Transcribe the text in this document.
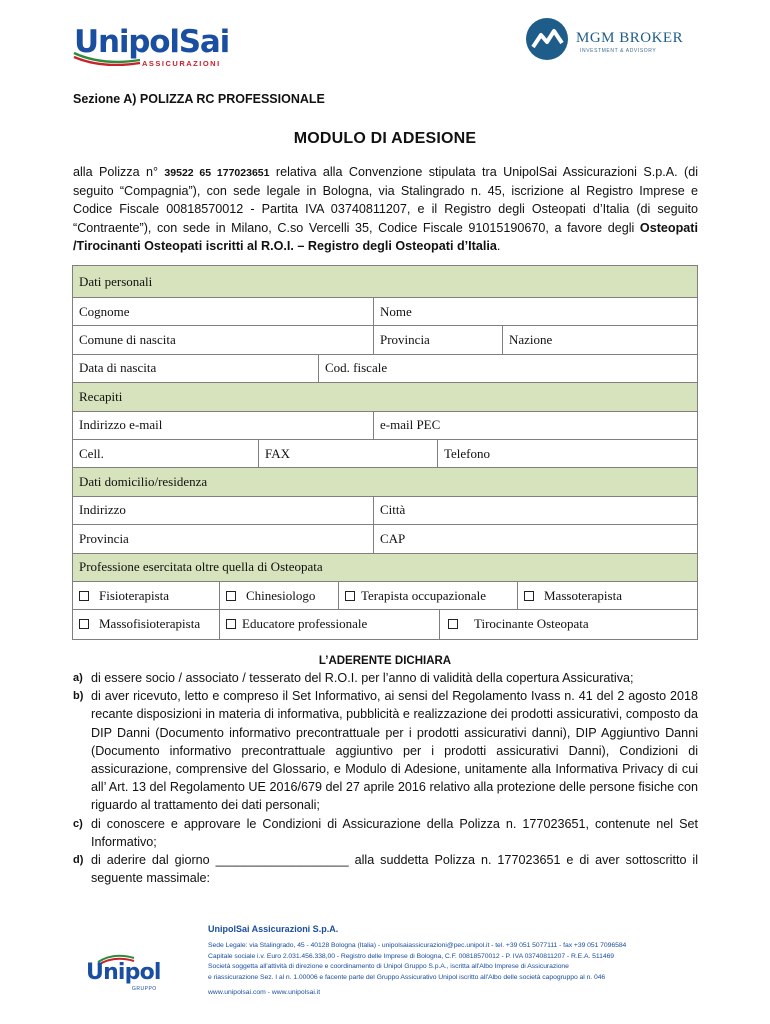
UnipolSai
ASSICURAZIONI
MGM BROKER
INVESTMENT & ADVISORY
Sezione A) POLIZZA RC PROFESSIONALE
MODULO DI ADESIONE

alla Polizza n° 39522 65 177023651 relativa alla Convenzione stipulata tra UnipolSai Assicurazioni S.p.A. (di seguito “Compagnia”), con sede legale in Bologna, via Stalingrado n. 45, iscrizione al Registro Imprese e Codice Fiscale 00818570012 - Partita IVA 03740811207, e il Registro degli Osteopati d’Italia (di seguito “Contraente”), con sede in Milano, C.so Vercelli 35, Codice Fiscale 91015190670, a favore degli Osteopati /Tirocinanti Osteopati iscritti al R.O.I. – Registro degli Osteopati d’Italia.

Dati personali
Cognome	Nome
Comune di nascita	Provincia	Nazione
Data di nascita	Cod. fiscale
Recapiti
Indirizzo e-mail	e-mail PEC
Cell.	FAX	Telefono
Dati domicilio/residenza
Indirizzo	Città
Provincia	CAP
Professione esercitata oltre quella di Osteopata
Fisioterapista	Chinesiologo	Terapista occupazionale	Massoterapista
Massofisioterapista	Educatore professionale	Tirocinante Osteopata
L’ADERENTE DICHIARA
a) di essere socio / associato / tesserato del R.O.I. per l’anno di validità della copertura Assicurativa;
b) di aver ricevuto, letto e compreso il Set Informativo, ai sensi del Regolamento Ivass n. 41 del 2 agosto 2018 recante disposizioni in materia di informativa, pubblicità e realizzazione dei prodotti assicurativi, composto da DIP Danni (Documento informativo precontrattuale per i prodotti assicurativi danni), DIP Aggiuntivo Danni (Documento informativo precontrattuale aggiuntivo per i prodotti assicurativi Danni), Condizioni di assicurazione, comprensive del Glossario, e Modulo di Adesione, unitamente alla Informativa Privacy di cui all’ Art. 13 del Regolamento UE 2016/679 del 27 aprile 2016 relativo alla protezione delle persone fisiche con riguardo al trattamento dei dati personali;
c) di conoscere e approvare le Condizioni di Assicurazione della Polizza n. 177023651, contenute nel Set Informativo;
d) di aderire dal giorno ___________________ alla suddetta Polizza n. 177023651 e di aver sottoscritto il seguente massimale:
Unipol
GRUPPO
UnipolSai Assicurazioni S.p.A.
Sede Legale: via Stalingrado, 45 - 40128 Bologna (Italia) - unipolsaiassicurazioni@pec.unipol.it - tel. +39 051 5077111 - fax +39 051 7096584
Capitale sociale i.v. Euro 2.031.456.338,00 - Registro delle Imprese di Bologna, C.F. 00818570012 - P. IVA 03740811207 - R.E.A. 511469
Società soggetta all'attività di direzione e coordinamento di Unipol Gruppo S.p.A., iscritta all'Albo Imprese di Assicurazione
e riassicurazione Sez. I al n. 1.00006 e facente parte del Gruppo Assicurativo Unipol iscritto all'Albo delle società capogruppo al n. 046
www.unipolsai.com - www.unipolsai.it
